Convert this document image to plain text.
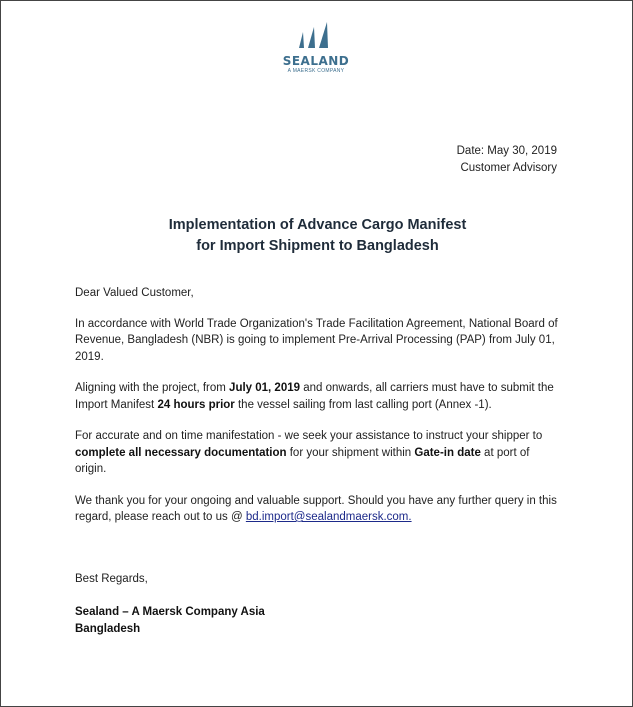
SEALAND
A MAERSK COMPANY
Date: May 30, 2019
Customer Advisory
Implementation of Advance Cargo Manifest
for Import Shipment to Bangladesh

Dear Valued Customer,

In accordance with World Trade Organization's Trade Facilitation Agreement, National Board of Revenue, Bangladesh (NBR) is going to implement Pre-Arrival Processing (PAP) from July 01, 2019.

Aligning with the project, from July 01, 2019 and onwards, all carriers must have to submit the Import Manifest 24 hours prior the vessel sailing from last calling port (Annex -1).

For accurate and on time manifestation - we seek your assistance to instruct your shipper to complete all necessary documentation for your shipment within Gate-in date at port of origin.

We thank you for your ongoing and valuable support. Should you have any further query in this regard, please reach out to us @ bd.import@sealandmaersk.com.

Best Regards,
Sealand – A Maersk Company Asia
Bangladesh
